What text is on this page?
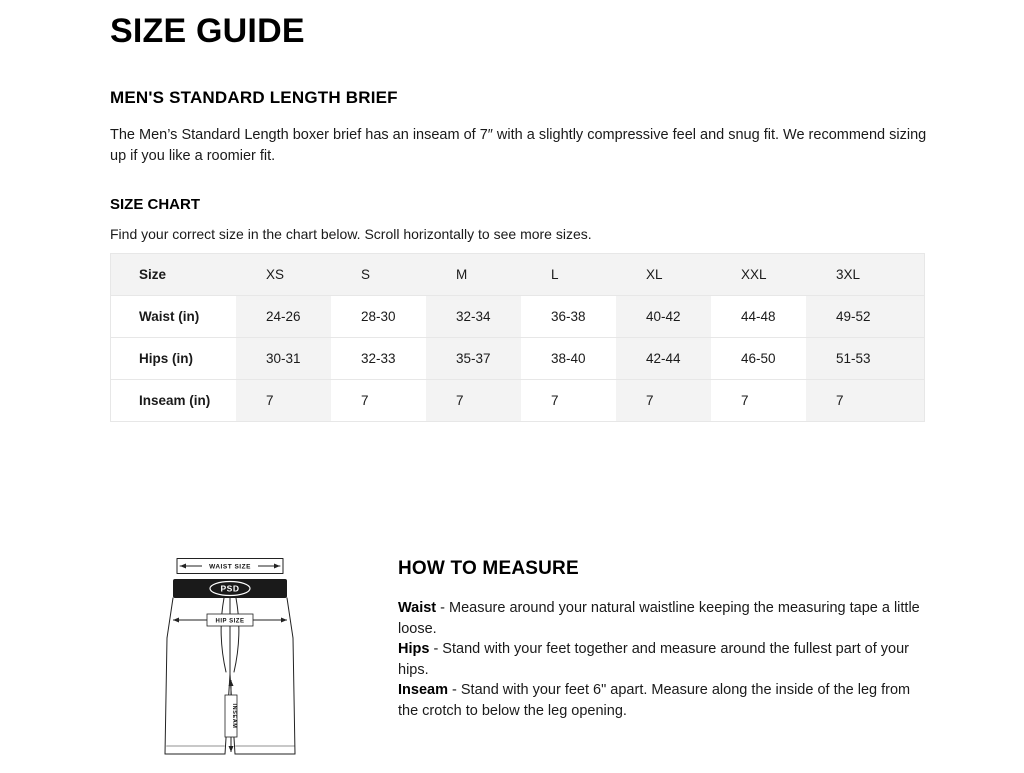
SIZE GUIDE
MEN'S STANDARD LENGTH BRIEF

The Men’s Standard Length boxer brief has an inseam of 7″ with a slightly compressive feel and snug fit. We recommend sizing up if you like a roomier fit.

SIZE CHART

Find your correct size in the chart below. Scroll horizontally to see more sizes.

Size	XS	S	M	L	XL	XXL	3XL	
Waist (in)	24-26	28-30	32-34	36-38	40-42	44-48	49-52	
Hips (in)	30-31	32-33	35-37	38-40	42-44	46-50	51-53	
Inseam (in)	7	7	7	7	7	7	7	
WAIST SIZE
PSD
HIP SIZE
INSEAM
HOW TO MEASURE

Waist - Measure around your natural waistline keeping the measuring tape a little loose.

Hips - Stand with your feet together and measure around the fullest part of your hips.

Inseam - Stand with your feet 6" apart. Measure along the inside of the leg from the crotch to below the leg opening.
